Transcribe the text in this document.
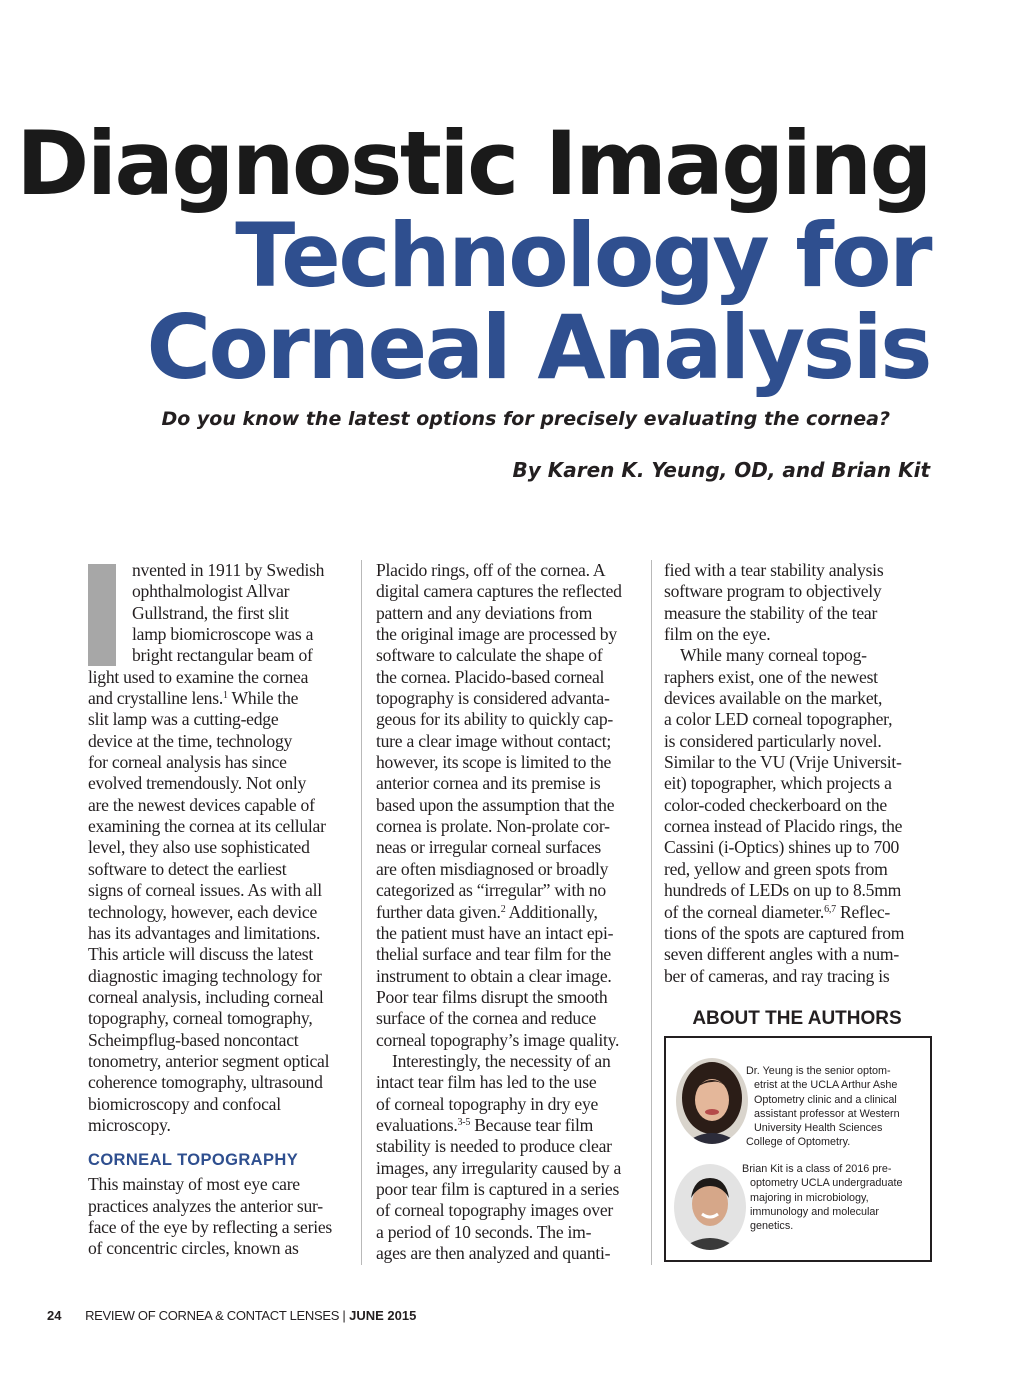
Diagnostic Imaging
Technology for
Corneal Analysis
Do you know the latest options for precisely evaluating the cornea?
By Karen K. Yeung, OD, and Brian Kit
nvented in 1911 by Swedish
ophthalmologist Allvar
Gullstrand, the first slit
lamp biomicroscope was a
bright rectangular beam of
light used to examine the cornea
and crystalline lens.$^1$ While the
slit lamp was a cutting-edge
device at the time, technology
for corneal analysis has since
evolved tremendously. Not only
are the newest devices capable of
examining the cornea at its cellular
level, they also use sophisticated
software to detect the earliest
signs of corneal issues. As with all
technology, however, each device
has its advantages and limitations.
This article will discuss the latest
diagnostic imaging technology for
corneal analysis, including corneal
topography, corneal tomography,
Scheimpflug-based noncontact
tonometry, anterior segment optical
coherence tomography, ultrasound
biomicroscopy and confocal
microscopy.
CORNEAL TOPOGRAPHY
This mainstay of most eye care
practices analyzes the anterior sur-
face of the eye by reflecting a series
of concentric circles, known as
Placido rings, off of the cornea. A
digital camera captures the reflected
pattern and any deviations from
the original image are processed by
software to calculate the shape of
the cornea. Placido-based corneal
topography is considered advanta-
geous for its ability to quickly cap-
ture a clear image without contact;
however, its scope is limited to the
anterior cornea and its premise is
based upon the assumption that the
cornea is prolate. Non-prolate cor-
neas or irregular corneal surfaces
are often misdiagnosed or broadly
categorized as “irregular” with no
further data given.$^2$ Additionally,
the patient must have an intact epi-
thelial surface and tear film for the
instrument to obtain a clear image.
Poor tear films disrupt the smooth
surface of the cornea and reduce
corneal topography’s image quality.
Interestingly, the necessity of an
intact tear film has led to the use
of corneal topography in dry eye
evaluations.$^{3-5}$ Because tear film
stability is needed to produce clear
images, any irregularity caused by a
poor tear film is captured in a series
of corneal topography images over
a period of 10 seconds. The im-
ages are then analyzed and quanti-
fied with a tear stability analysis
software program to objectively
measure the stability of the tear
film on the eye.
While many corneal topog-
raphers exist, one of the newest
devices available on the market,
a color LED corneal topographer,
is considered particularly novel.
Similar to the VU (Vrije Universit-
eit) topographer, which projects a
color-coded checkerboard on the
cornea instead of Placido rings, the
Cassini (i-Optics) shines up to 700
red, yellow and green spots from
hundreds of LEDs on up to 8.5mm
of the corneal diameter.$^{6,7}$ Reflec-
tions of the spots are captured from
seven different angles with a num-
ber of cameras, and ray tracing is
ABOUT THE AUTHORS
Dr. Yeung is the senior optom-
etrist at the UCLA Arthur Ashe
Optometry clinic and a clinical
assistant professor at Western
University Health Sciences
College of Optometry.
Brian Kit is a class of 2016 pre-
optometry UCLA undergraduate
majoring in microbiology,
immunology and molecular
genetics.
24 REVIEW OF CORNEA & CONTACT LENSES | JUNE 2015
